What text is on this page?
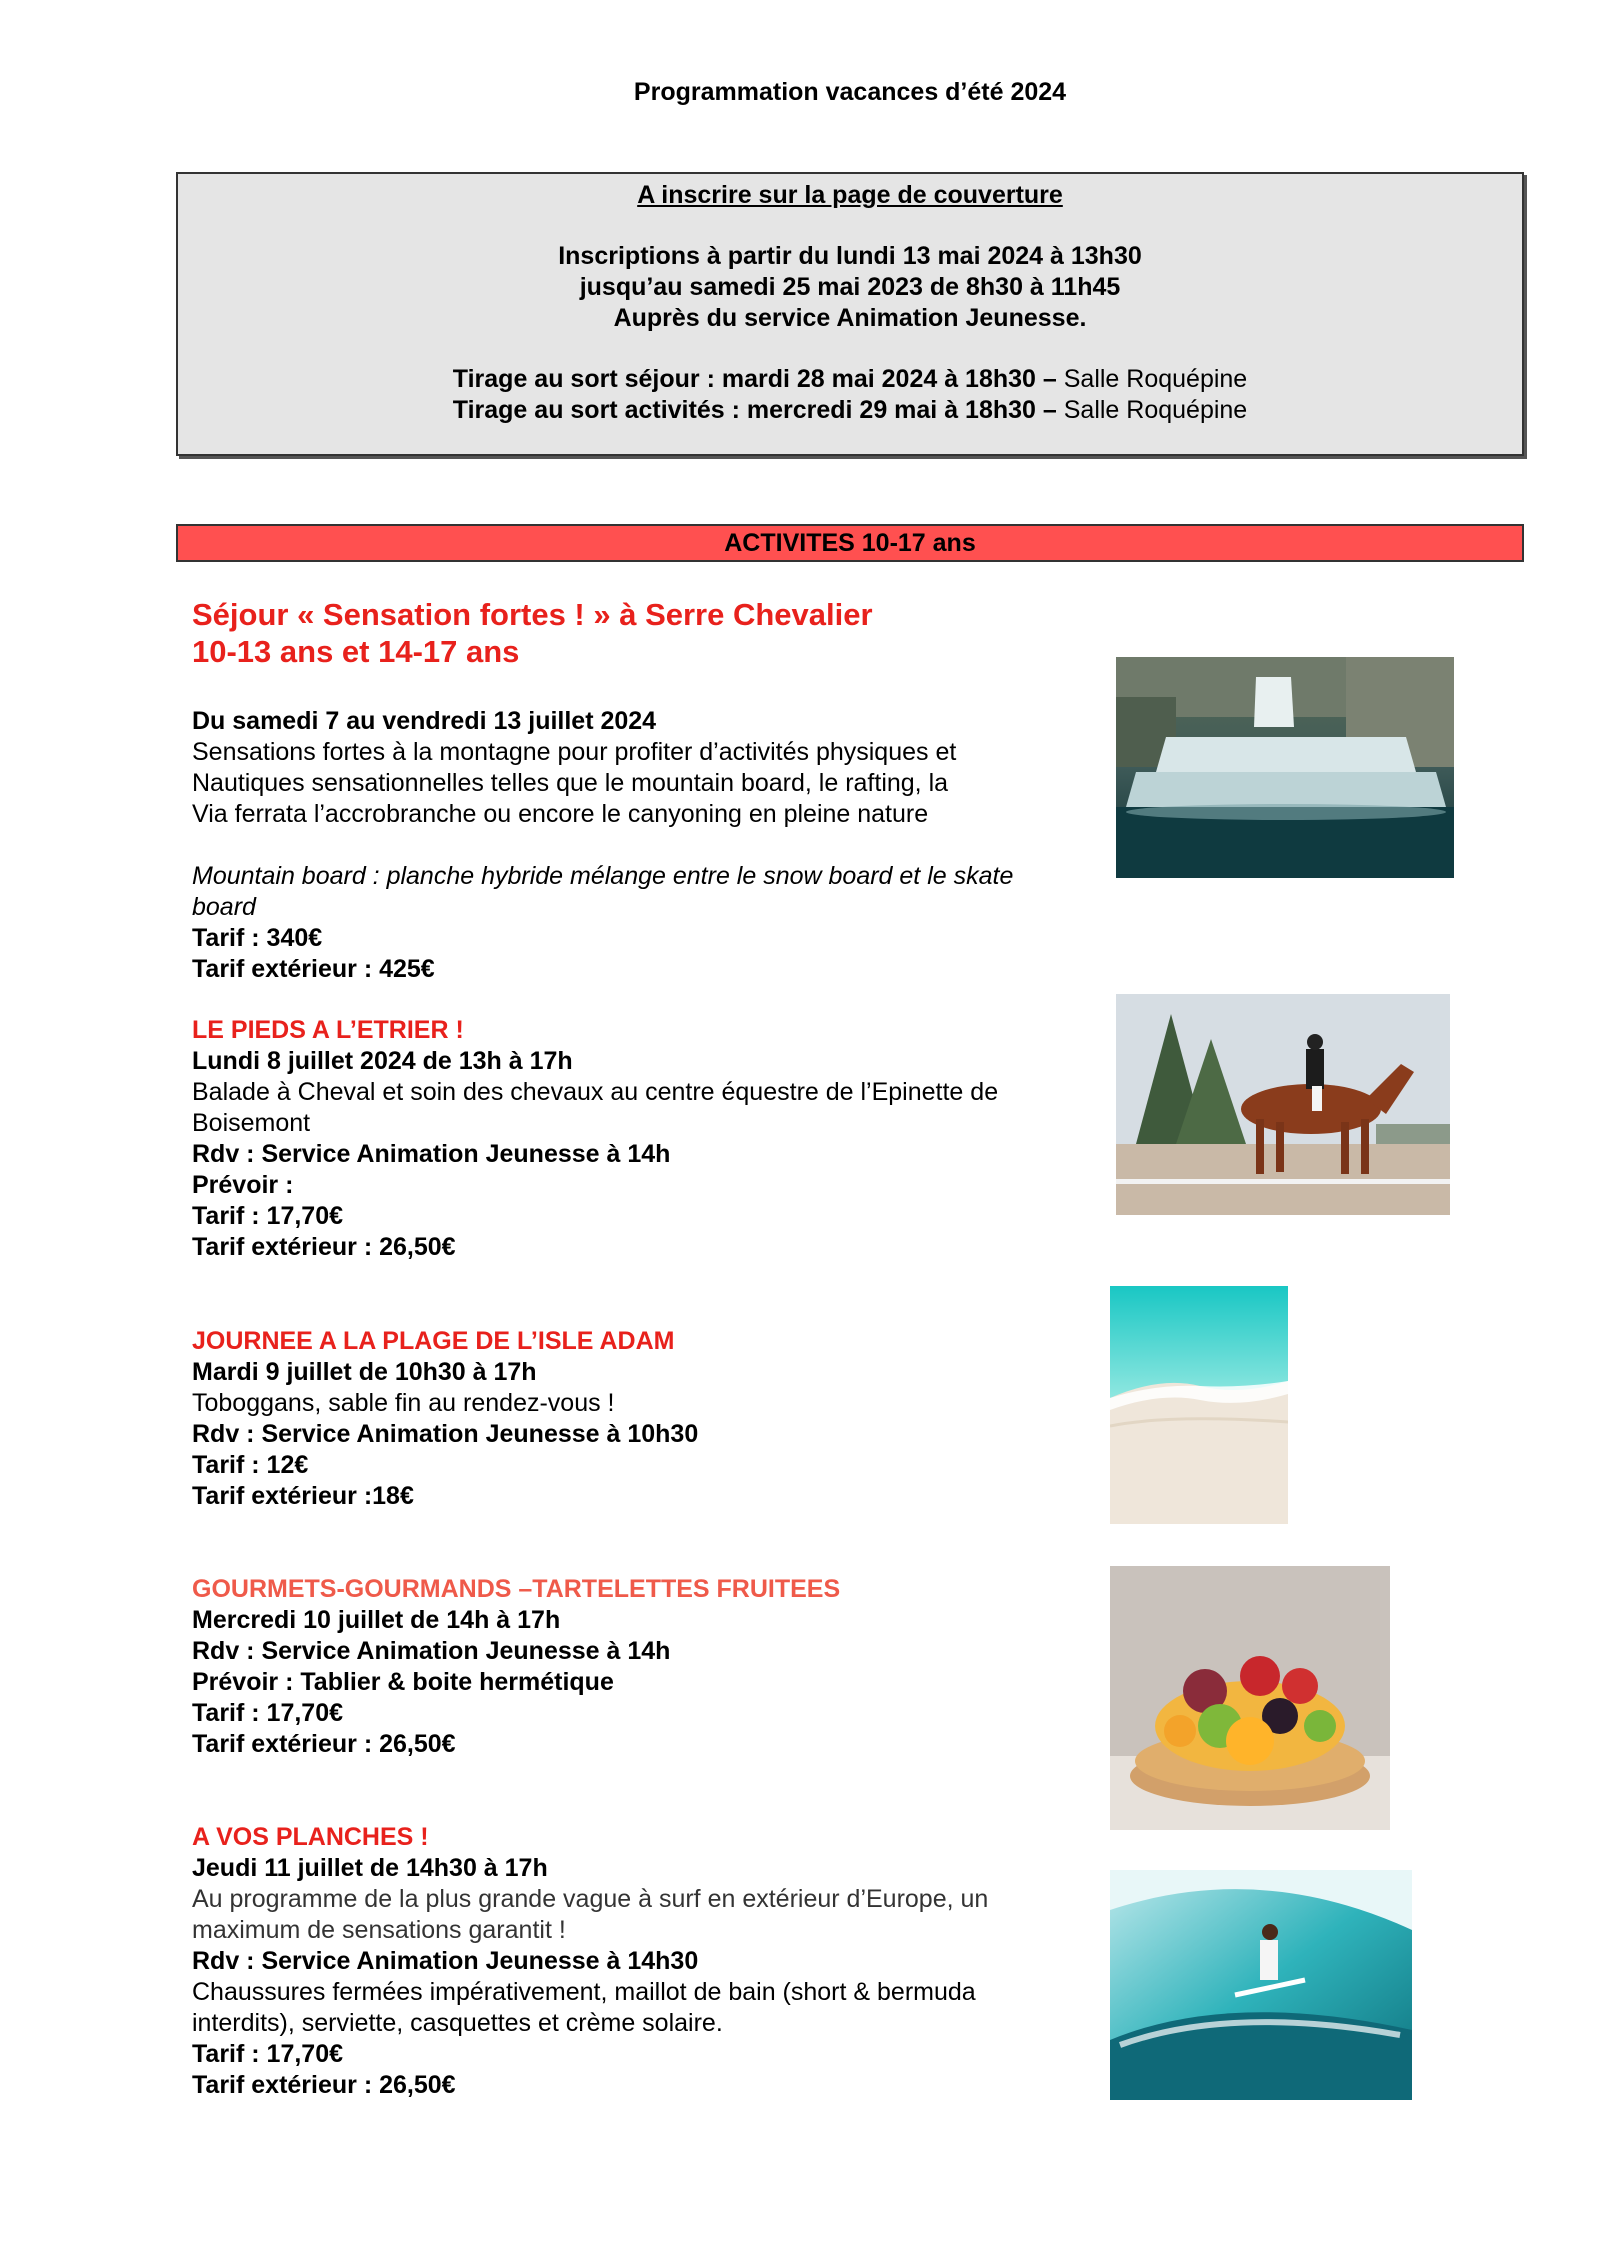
Programmation vacances d’été 2024

A inscrire sur la page de couverture

Inscriptions à partir du lundi 13 mai 2024 à 13h30

jusqu’au samedi 25 mai 2023 de 8h30 à 11h45

Auprès du service Animation Jeunesse.

Tirage au sort séjour : mardi 28 mai 2024 à 18h30 – Salle Roquépine

Tirage au sort activités : mercredi 29 mai à 18h30 – Salle Roquépine

ACTIVITES 10-17 ans

Séjour « Sensation fortes ! » à Serre Chevalier

10-13 ans et 14-17 ans

Du samedi 7 au vendredi 13 juillet 2024

Sensations fortes à la montagne pour profiter d’activités physiques et

Nautiques sensationnelles telles que le mountain board, le rafting, la

Via ferrata l’accrobranche ou encore le canyoning en pleine nature

Mountain board : planche hybride mélange entre le snow board et le skate

board

Tarif : 340€

Tarif extérieur : 425€

LE PIEDS A L’ETRIER !

Lundi 8 juillet 2024 de 13h à 17h

Balade à Cheval et soin des chevaux au centre équestre de l’Epinette de

Boisemont

Rdv : Service Animation Jeunesse à 14h

Prévoir :

Tarif : 17,70€

Tarif extérieur : 26,50€

JOURNEE A LA PLAGE DE L’ISLE ADAM

Mardi 9 juillet de 10h30 à 17h

Toboggans, sable fin au rendez-vous !

Rdv : Service Animation Jeunesse à 10h30

Tarif : 12€

Tarif extérieur :18€

GOURMETS-GOURMANDS –TARTELETTES FRUITEES

Mercredi 10 juillet de 14h à 17h

Rdv : Service Animation Jeunesse à 14h

Prévoir : Tablier & boite hermétique

Tarif : 17,70€

Tarif extérieur : 26,50€

A VOS PLANCHES !

Jeudi 11 juillet de 14h30 à 17h

Au programme de la plus grande vague à surf en extérieur d’Europe, un

maximum de sensations garantit !

Rdv : Service Animation Jeunesse à 14h30

Chaussures fermées impérativement, maillot de bain (short & bermuda

interdits), serviette, casquettes et crème solaire.

Tarif : 17,70€

Tarif extérieur : 26,50€
